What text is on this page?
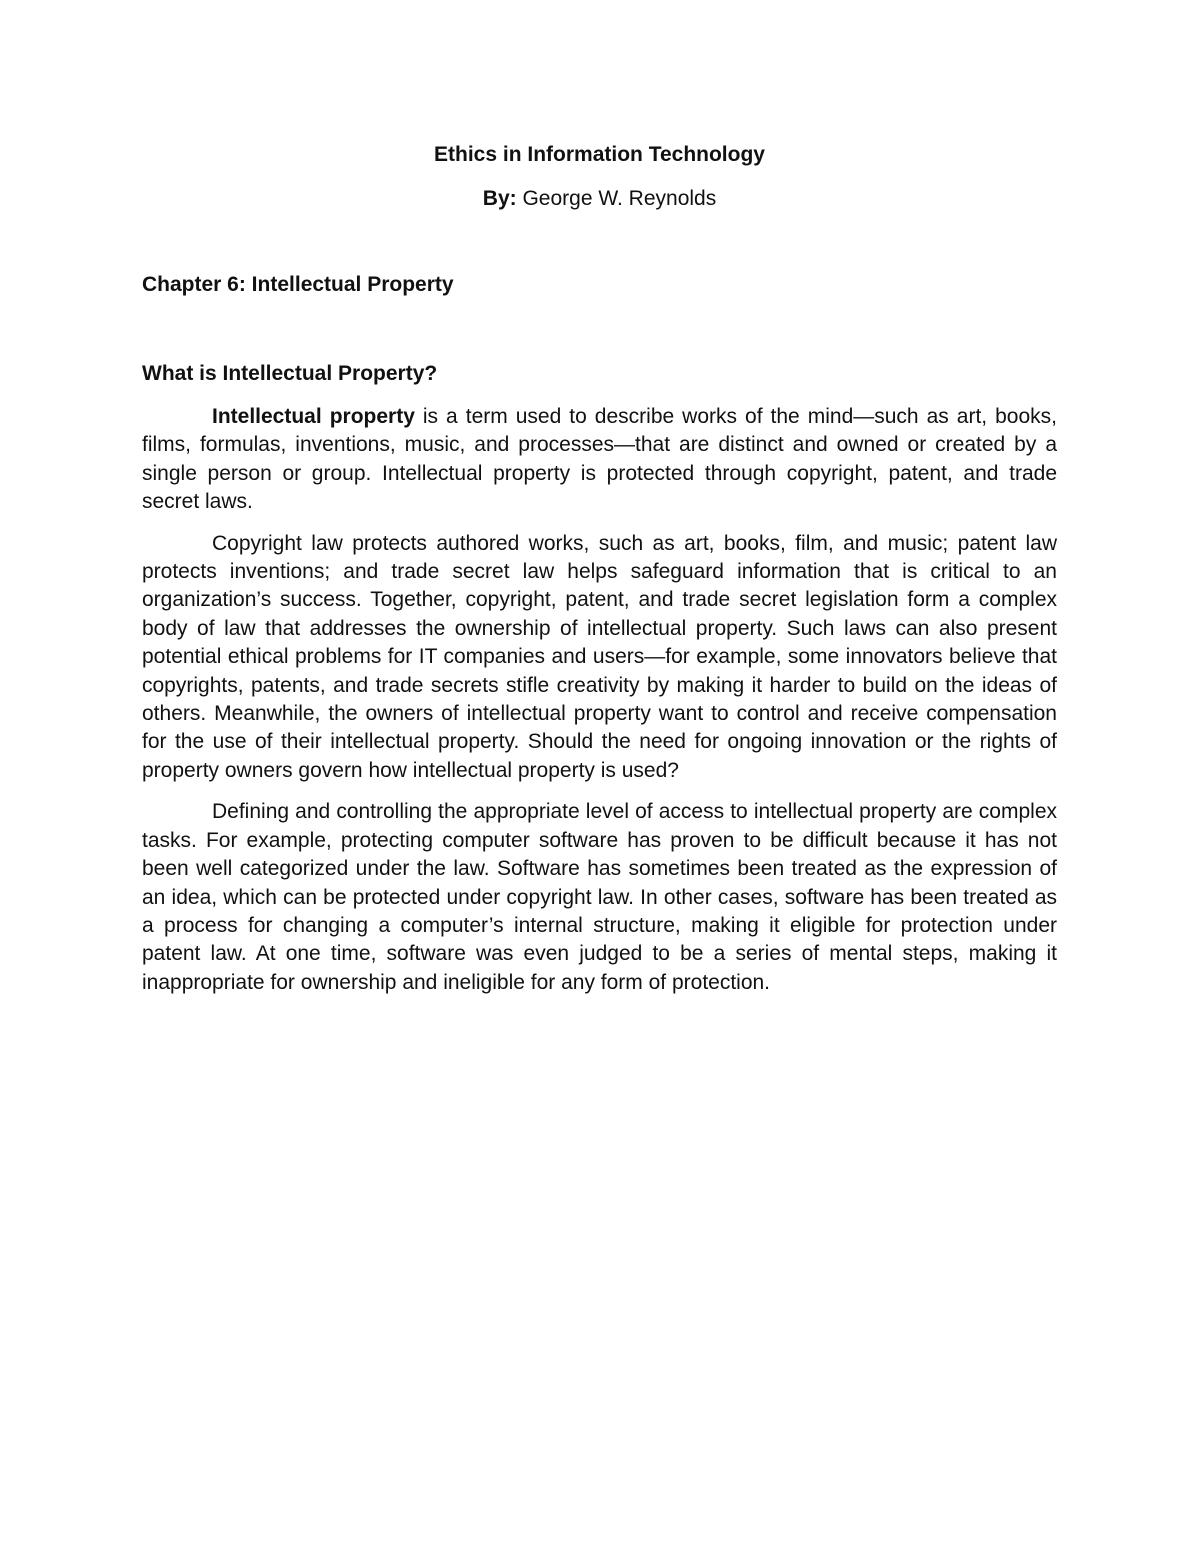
Ethics in Information Technology

By: George W. Reynolds

Chapter 6: Intellectual Property
What is Intellectual Property?

Intellectual property is a term used to describe works of the mind—such as art, books, films, formulas, inventions, music, and processes—that are distinct and owned or created by a single person or group. Intellectual property is protected through copyright, patent, and trade secret laws.

Copyright law protects authored works, such as art, books, film, and music; patent law protects inventions; and trade secret law helps safeguard information that is critical to an organization’s success. Together, copyright, patent, and trade secret legislation form a complex body of law that addresses the ownership of intellectual property. Such laws can also present potential ethical problems for IT companies and users—for example, some innovators believe that copyrights, patents, and trade secrets stifle creativity by making it harder to build on the ideas of others. Meanwhile, the owners of intellectual property want to control and receive compensation for the use of their intellectual property. Should the need for ongoing innovation or the rights of property owners govern how intellectual property is used?

Defining and controlling the appropriate level of access to intellectual property are complex tasks. For example, protecting computer software has proven to be difficult because it has not been well categorized under the law. Software has sometimes been treated as the expression of an idea, which can be protected under copyright law. In other cases, software has been treated as a process for changing a computer’s internal structure, making it eligible for protection under patent law. At one time, software was even judged to be a series of mental steps, making it inappropriate for ownership and ineligible for any form of protection.
